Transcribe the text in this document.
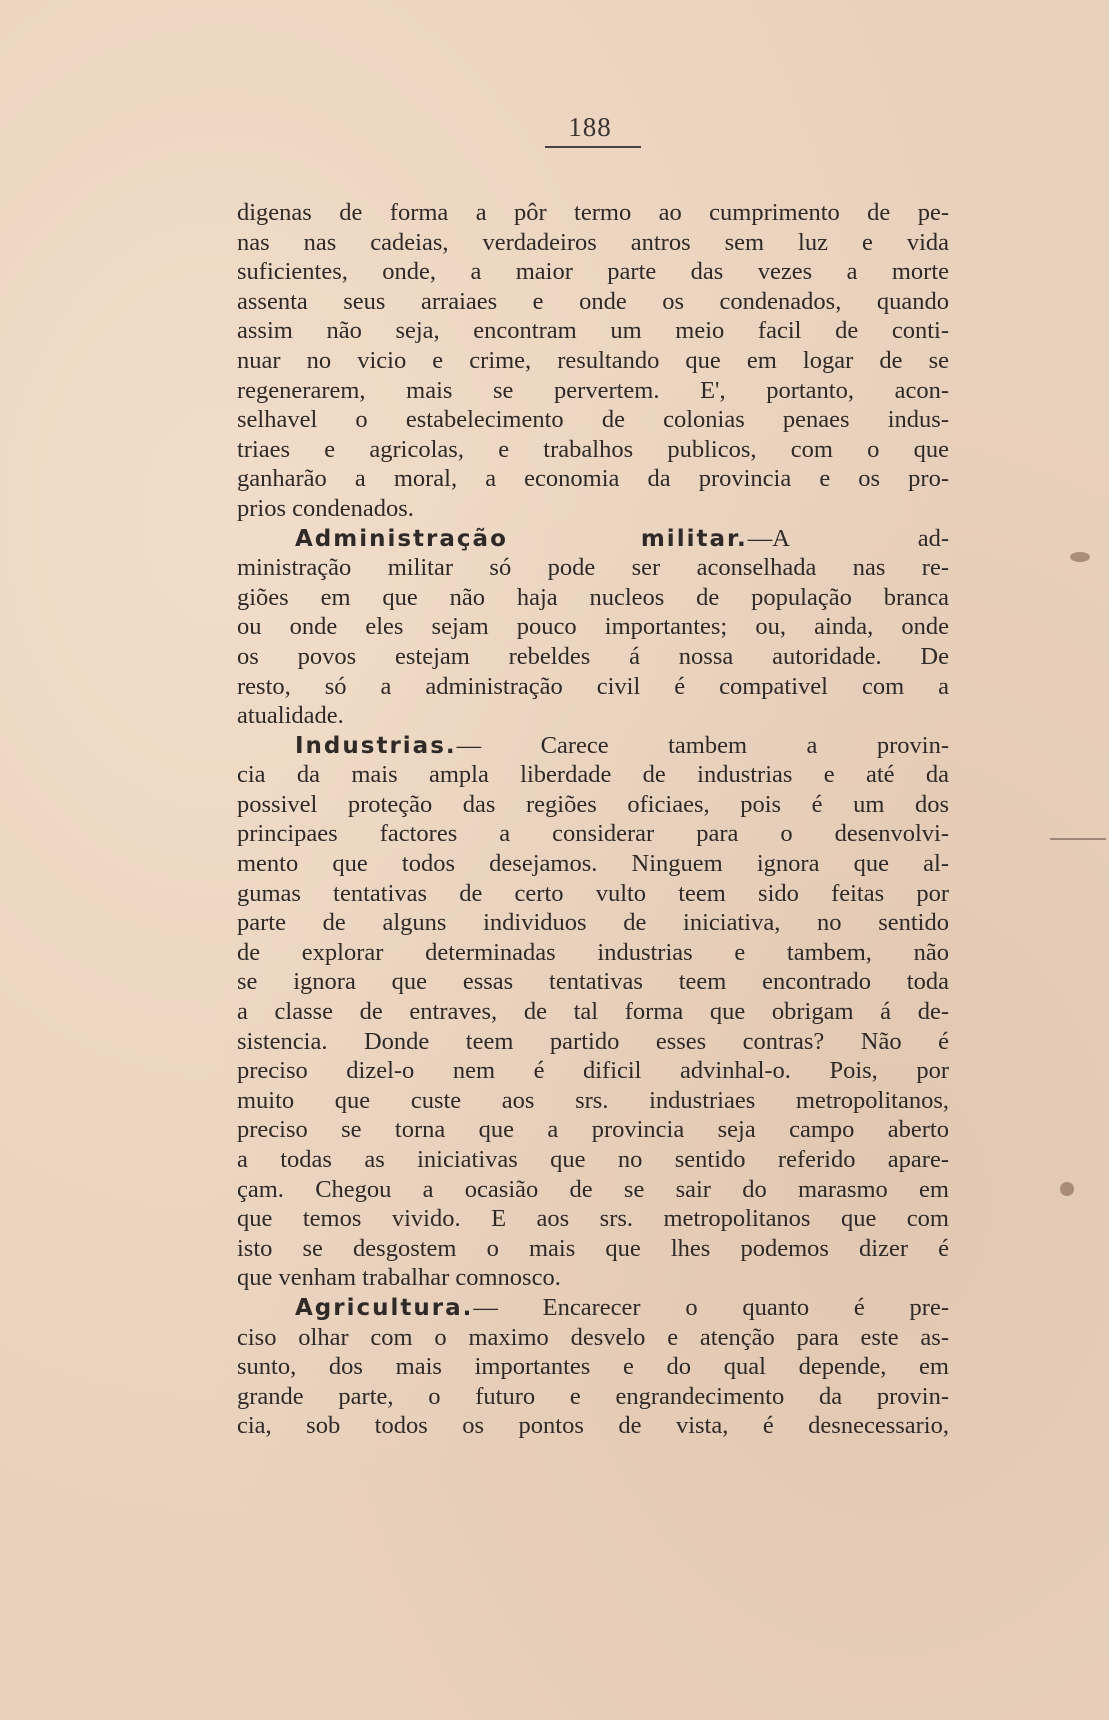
188
digenas de forma a pôr termo ao cumprimento de pe-
nas nas cadeias, verdadeiros antros sem luz e vida
suficientes, onde, a maior parte das vezes a morte
assenta seus arraiaes e onde os condenados, quando
assim não seja, encontram um meio facil de conti-
nuar no vicio e crime, resultando que em logar de se
regenerarem, mais se pervertem. E', portanto, acon-
selhavel o estabelecimento de colonias penaes indus-
triaes e agricolas, e trabalhos publicos, com o que
ganharão a moral, a economia da provincia e os pro-
prios condenados.
Administração militar.—A ad-
ministração militar só pode ser aconselhada nas re-
giões em que não haja nucleos de população branca
ou onde eles sejam pouco importantes; ou, ainda, onde
os povos estejam rebeldes á nossa autoridade. De
resto, só a administração civil é compativel com a
atualidade.
Industrias.— Carece tambem a provin-
cia da mais ampla liberdade de industrias e até da
possivel proteção das regiões oficiaes, pois é um dos
principaes factores a considerar para o desenvolvi-
mento que todos desejamos. Ninguem ignora que al-
gumas tentativas de certo vulto teem sido feitas por
parte de alguns individuos de iniciativa, no sentido
de explorar determinadas industrias e tambem, não
se ignora que essas tentativas teem encontrado toda
a classe de entraves, de tal forma que obrigam á de-
sistencia. Donde teem partido esses contras? Não é
preciso dizel-o nem é dificil advinhal-o. Pois, por
muito que custe aos srs. industriaes metropolitanos,
preciso se torna que a provincia seja campo aberto
a todas as iniciativas que no sentido referido apare-
çam. Chegou a ocasião de se sair do marasmo em
que temos vivido. E aos srs. metropolitanos que com
isto se desgostem o mais que lhes podemos dizer é
que venham trabalhar comnosco.
Agricultura.— Encarecer o quanto é pre-
ciso olhar com o maximo desvelo e atenção para este as-
sunto, dos mais importantes e do qual depende, em
grande parte, o futuro e engrandecimento da provin-
cia, sob todos os pontos de vista, é desnecessario,
